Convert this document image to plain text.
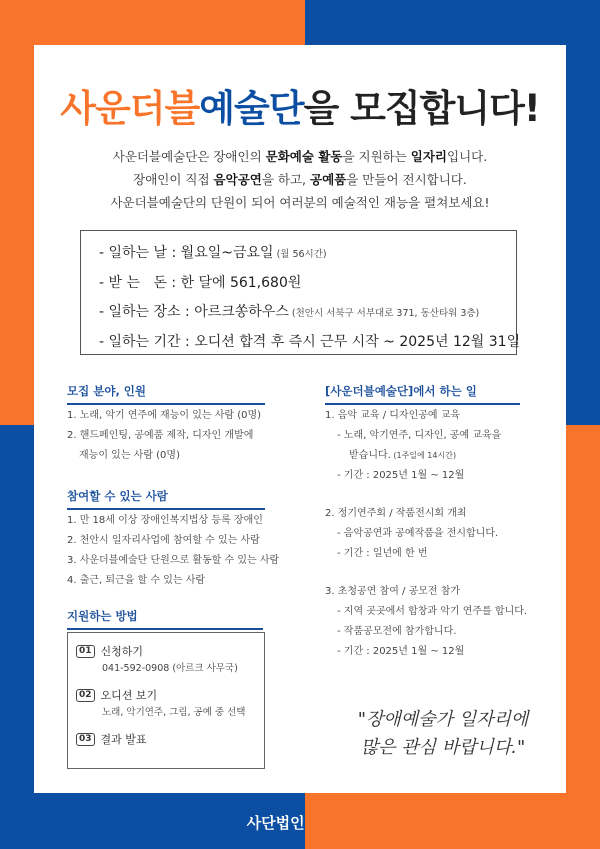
사운더블예술단을 모집합니다!
사운더블예술단은 장애인의 문화예술 활동을 지원하는 일자리입니다.
장애인이 직접 음악공연을 하고, 공예품을 만들어 전시합니다.
사운더블예술단의 단원이 되어 여러분의 예술적인 재능을 펼쳐보세요!
- 일하는 날 : 월요일~금요일 (월 56시간)
- 받 는   돈 : 한 달에 561,680원
- 일하는 장소 : 아르크쏭하우스 (천안시 서북구 서부대로 371, 동산타워 3층)
- 일하는 기간 : 오디션 합격 후 즉시 근무 시작 ~ 2025년 12월 31일
모집 분야, 인원
1. 노래, 악기 연주에 재능이 있는 사람 (0명)
2. 핸드페인팅, 공예품 제작, 디자인 개발에
재능이 있는 사람 (0명)
참여할 수 있는 사람
1. 만 18세 이상 장애인복지법상 등록 장애인
2. 천안시 일자리사업에 참여할 수 있는 사람
3. 사운더블예술단 단원으로 활동할 수 있는 사람
4. 출근, 퇴근을 할 수 있는 사람
지원하는 방법
01 신청하기
041-592-0908 (아르크 사무국)
02 오디션 보기
노래, 악기연주, 그림, 공예 중 선택
03 결과 발표
[사운더블예술단]에서 하는 일
1. 음악 교육 / 디자인공예 교육
- 노래, 악기연주, 디자인, 공예 교육을
받습니다. (1주일에 14시간)
- 기간 : 2025년 1월 ~ 12월
2. 정기연주회 / 작품전시회 개최
- 음악공연과 공예작품을 전시합니다.
- 기간 : 일년에 한 번
3. 초청공연 참여 / 공모전 참가
- 지역 곳곳에서 합창과 악기 연주를 합니다.
- 작품공모전에 참가합니다.
- 기간 : 2025년 1월 ~ 12월
"장애예술가 일자리에
많은 관심 바랍니다."
사단법인 아르크
